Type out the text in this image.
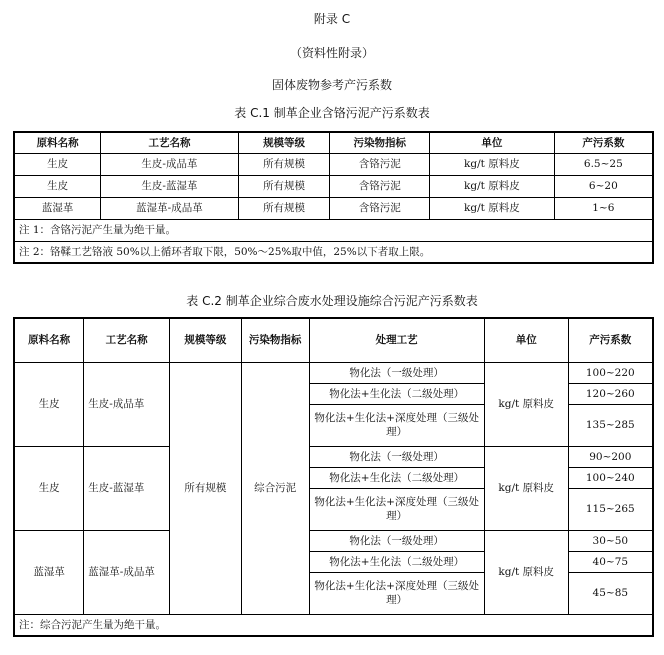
附录 C
（资料性附录）
固体废物参考产污系数
表 C.1 制革企业含铬污泥产污系数表
原料名称	工艺名称	规模等级	污染物指标	单位	产污系数
生皮	生皮-成品革	所有规模	含铬污泥	kg/t 原料皮	6.5~25
生皮	生皮-蓝湿革	所有规模	含铬污泥	kg/t 原料皮	6~20
蓝湿革	蓝湿革-成品革	所有规模	含铬污泥	kg/t 原料皮	1~6
注 1：含铬污泥产生量为绝干量。					
注 2：铬鞣工艺铬液 50%以上循环者取下限，50%～25%取中值，25%以下者取上限。					
表 C.2 制革企业综合废水处理设施综合污泥产污系数表
原料名称	工艺名称	规模等级	污染物指标	处理工艺	单位	产污系数
生皮	生皮-成品革	所有规模	综合污泥	物化法（一级处理）	kg/t 原料皮	100~220
				物化法+生化法（二级处理）		120~260
				物化法+生化法+深度处理（三级处理）		135~285
生皮	生皮-蓝湿革			物化法（一级处理）	kg/t 原料皮	90~200
				物化法+生化法（二级处理）		100~240
				物化法+生化法+深度处理（三级处理）		115~265
蓝湿革	蓝湿革-成品革			物化法（一级处理）	kg/t 原料皮	30~50
				物化法+生化法（二级处理）		40~75
				物化法+生化法+深度处理（三级处理）		45~85
注：综合污泥产生量为绝干量。						
